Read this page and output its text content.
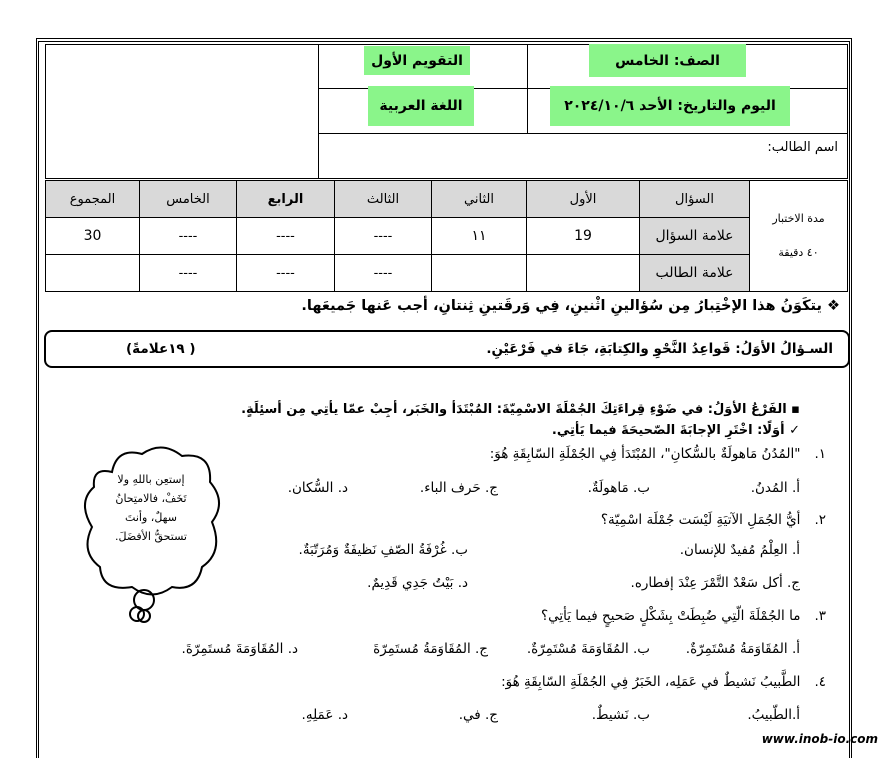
التقويم الأول
اللغة العربية
الصف: الخامس
اليوم والتاريخ: الأحد ٢٠٢٤/١٠/٦
اسم الطالب:
مدة الاختبار
٤٠ دقيقة	السؤال	الأول	الثاني	الثالث	الرابع	الخامس	المجموع
	علامة السؤال	19	١١	----	----	----	30
	علامة الطالب			----	----	----	
❖ يتكَوَنُ هذا الإخْتِبارُ مِن سُؤالينِ اثْنينِ، فِي وَرقَتينِ ثِنتانِ، أجب عَنها جَميعَها.
السـؤالُ الأوَلُ: قَواعِدُ النَّحْوِ والكِتابَةِ، جَاءَ في فَرْعَيْنِ.
( ١٩علامةً)
▪ الفَرْعُ الأوَلُ: في ضَوْءِ قِراءَتِكَ الجُمْلَةَ الاسْمِيّةَ: المُبْتَدَأ والخَبَر، أجِبْ عمّا يأتِي مِن أسئِلَةٍ.
✓ أوَلًا: اخْتَرِ الإجابَةَ الصّحيحَةَ فيما يَأتِي.
١."المُدُنُ مَاهولَةٌ بالسُّكانِ"، المُبْتَدَأ فِي الجُمْلَةِ السّابِقَةِ هُوَ:
أ. المُدنُ.
ب. مَاهولَةٌ.
ج. حَرف الباء.
د. السُّكان.
٢.أيُّ الجُمَلِ الآتيَةِ لَيْسَت جُمْلَة اسْمِيّة؟
أ. العِلْمُ مُفيدٌ للإنسان.
ب. غُرْفَةُ الصّفِ نَظيفَةٌ وَمُرَتّبَةٌ.
ج. أكل سَعْدٌ التَّمْرَ عِنْدَ إفطاره.
د. بَيْتُ جَدِي قَدِيمٌ.
٣.ما الجُمْلَةَ الّتِي ضُبِطَتْ بِشَكْلٍ صَحيحٍ فيما يَأتِي؟
أ. المُقَاوَمَةُ مُسْتَمِرّةٌ.
ب. المُقَاوَمَةَ مُسْتَمِرّةٌ.
ج. المُقَاوَمَةُ مُستَمِرّةَ
د. المُقَاوَمَةَ مُستَمِرّةَ.
٤.الطَّبيبُ نَشيطٌ في عَمَلِه، الخَبَرُ فِي الجُمْلَةِ السّابِقَةِ هُوَ:
أ.الطّبيبُ.
ب. نَشيطٌ.
ج. في.
د. عَمَلِهِ.
إستعِن باللهِ ولا تَخَفْ، فالامتِحانُ سهلٌ، وأنتَ تستحقُّ الأفضَلَ.
www.inob-io.com
